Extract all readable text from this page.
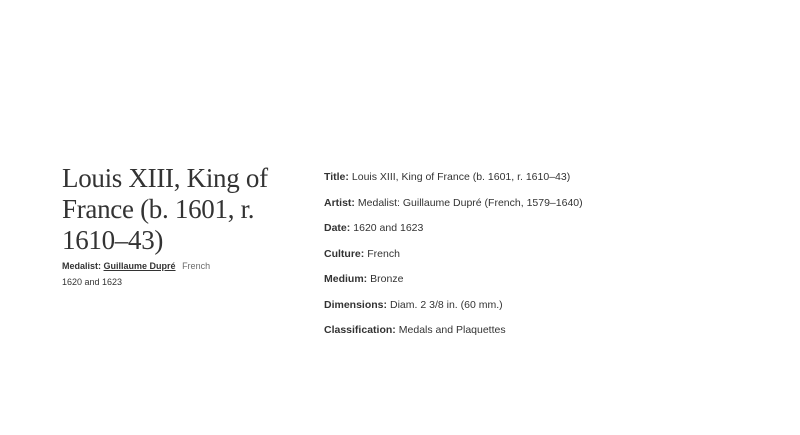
Louis XIII, King of France (b. 1601, r. 1610–43)
Medalist: Guillaume Dupré French
1620 and 1623
Title: Louis XIII, King of France (b. 1601, r. 1610–43)
Artist: Medalist: Guillaume Dupré (French, 1579–1640)
Date: 1620 and 1623
Culture: French
Medium: Bronze
Dimensions: Diam. 2 3/8 in. (60 mm.)
Classification: Medals and Plaquettes
